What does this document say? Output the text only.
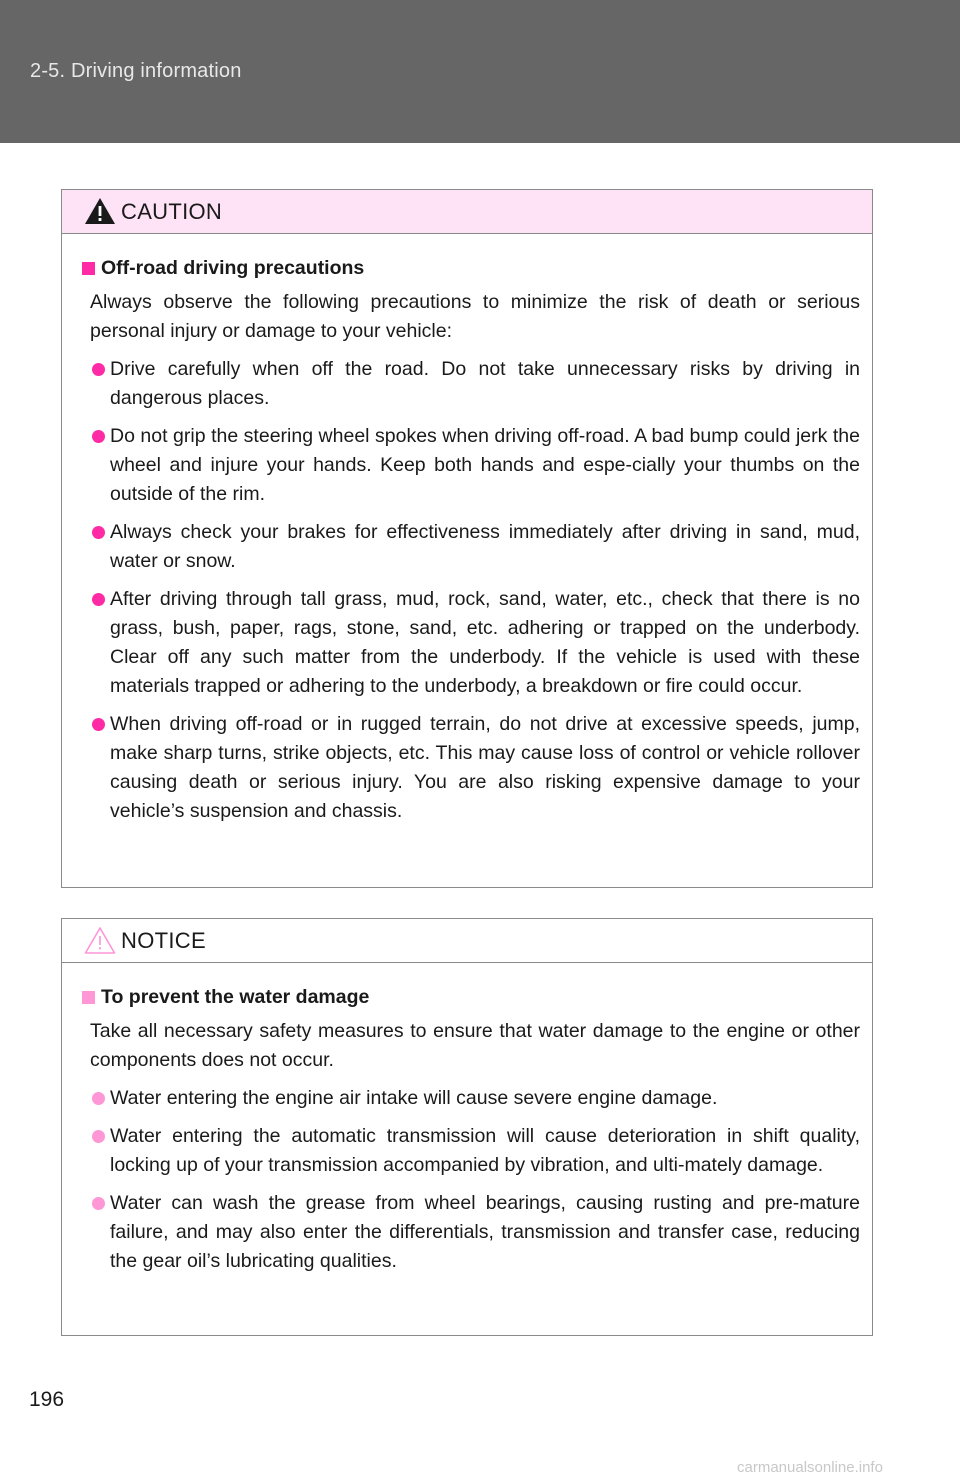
2-5. Driving information
CAUTION
Off-road driving precautions

Always observe the following precautions to minimize the risk of death or serious personal injury or damage to your vehicle:

Drive carefully when off the road. Do not take unnecessary risks by driving in dangerous places.
Do not grip the steering wheel spokes when driving off-road. A bad bump could jerk the wheel and injure your hands. Keep both hands and espe-cially your thumbs on the outside of the rim.
Always check your brakes for effectiveness immediately after driving in sand, mud, water or snow.
After driving through tall grass, mud, rock, sand, water, etc., check that there is no grass, bush, paper, rags, stone, sand, etc. adhering or trapped on the underbody. Clear off any such matter from the underbody. If the vehicle is used with these materials trapped or adhering to the underbody, a breakdown or fire could occur.
When driving off-road or in rugged terrain, do not drive at excessive speeds, jump, make sharp turns, strike objects, etc. This may cause loss of control or vehicle rollover causing death or serious injury. You are also risking expensive damage to your vehicle’s suspension and chassis.
NOTICE
To prevent the water damage

Take all necessary safety measures to ensure that water damage to the engine or other components does not occur.

Water entering the engine air intake will cause severe engine damage.
Water entering the automatic transmission will cause deterioration in shift quality, locking up of your transmission accompanied by vibration, and ulti-mately damage.
Water can wash the grease from wheel bearings, causing rusting and pre-mature failure, and may also enter the differentials, transmission and transfer case, reducing the gear oil’s lubricating qualities.
196
carmanualsonline.info
